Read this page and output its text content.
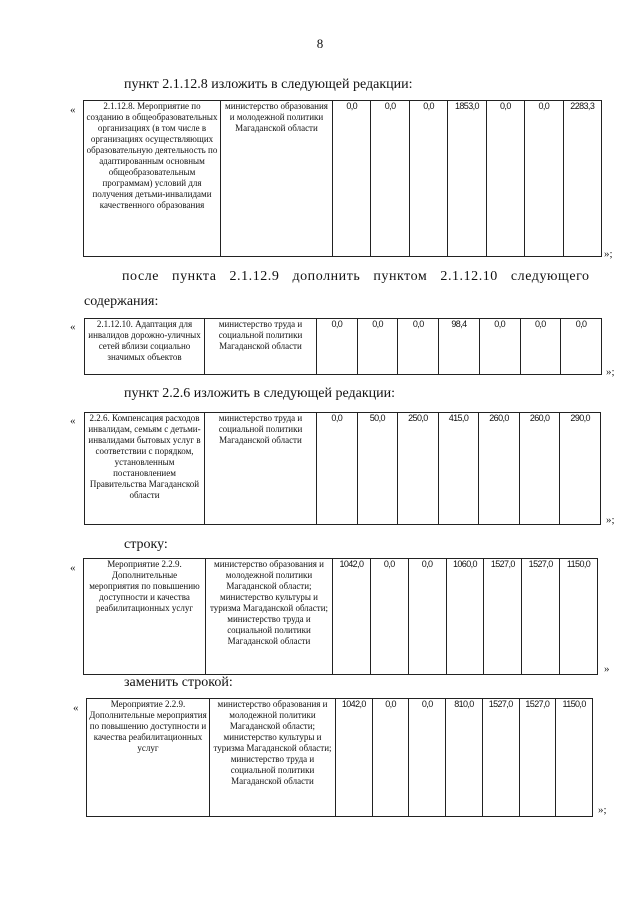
8
пункт 2.1.12.8 изложить в следующей редакции:
«	2.1.12.8. Мероприятие по созданию в общеобразовательных организациях (в том числе в организациях осуществляющих образовательную деятельность по адаптированным основным общеобразовательным программам) условий для получения детьми-инвалидами качественного образования	министерство образования и молодежной политики Магаданской области	0,0	0,0	0,0	1853,0	0,0	0,0	2283,3
»;
после пункта 2.1.12.9 дополнить пунктом 2.1.12.10 следующего
содержания:
« 2.1.12.10. Адаптация для инвалидов дорожно-уличных сетей вблизи социально значимых объектов	министерство труда и социальной политики Магаданской области	0,0	0,0	0,0	98,4	0,0	0,0	0,0
»;
пункт 2.2.6 изложить в следующей редакции:
« 2.2.6. Компенсация расходов инвалидам, семьям с детьми-инвалидами бытовых услуг в соответствии с порядком, установленным постановлением Правительства Магаданской области	министерство труда и социальной политики Магаданской области	0,0	50,0	250,0	415,0	260,0	260,0	290,0
»;
строку:
«	Мероприятие 2.2.9. Дополнительные мероприятия по повышению доступности и качества реабилитационных услуг	министерство образования и молодежной политики Магаданской области; министерство культуры и туризма Магаданской области; министерство труда и социальной политики Магаданской области	1042,0	0,0	0,0	1060,0	1527,0	1527,0	1150,0
»
заменить строкой:
«	Мероприятие 2.2.9. Дополнительные мероприятия по повышению доступности и качества реабилитационных услуг	министерство образования и молодежной политики Магаданской области; министерство культуры и туризма Магаданской области; министерство труда и социальной политики Магаданской области	1042,0	0,0	0,0	810,0	1527,0	1527,0	1150,0
»;
